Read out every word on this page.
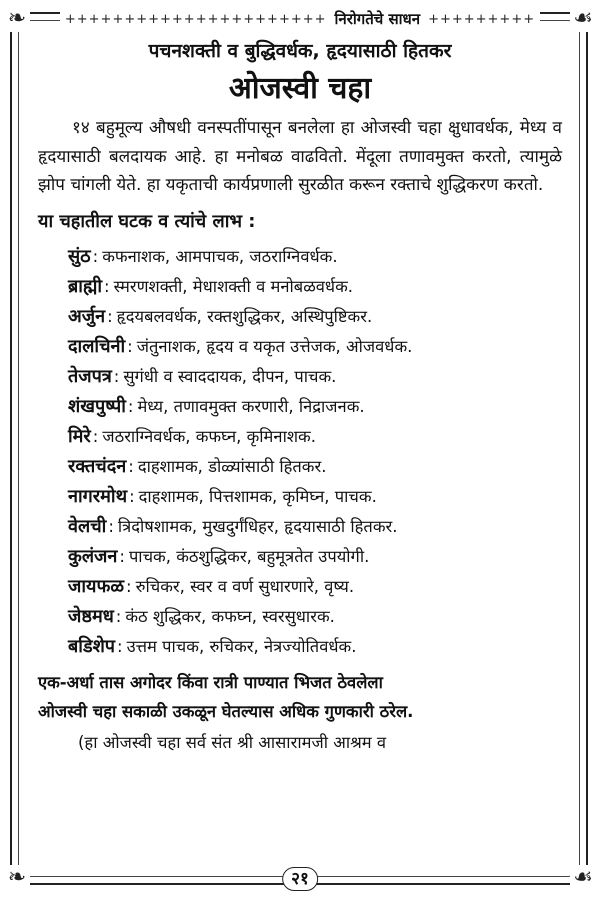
❧	☙
❧	☙
++++++++++++++++++++++ निरोगतेचे साधन +++++++++
पचनशक्ती व बुद्धिवर्धक, हृदयासाठी हितकर
ओजस्वी चहा

१४ बहुमूल्य औषधी वनस्पतींपासून बनलेला हा ओजस्वी चहा क्षुधावर्धक, मेध्य व हृदयासाठी बलदायक आहे. हा मनोबळ वाढवितो. मेंदूला तणावमुक्त करतो, त्यामुळे झोप चांगली येते. हा यकृताची कार्यप्रणाली सुरळीत करून रक्ताचे शुद्धिकरण करतो.

या चहातील घटक व त्यांचे लाभ :
सुंठ : कफनाशक, आमपाचक, जठराग्निवर्धक.
ब्राह्मी : स्मरणशक्ती, मेधाशक्ती व मनोबळवर्धक.
अर्जुन : हृदयबलवर्धक, रक्तशुद्धिकर, अस्थिपुष्टिकर.
दालचिनी : जंतुनाशक, हृदय व यकृत उत्तेजक, ओजवर्धक.
तेजपत्र : सुगंधी व स्वाददायक, दीपन, पाचक.
शंखपुष्पी : मेध्य, तणावमुक्त करणारी, निद्राजनक.
मिरे : जठराग्निवर्धक, कफघ्न, कृमिनाशक.
रक्तचंदन : दाहशामक, डोळ्यांसाठी हितकर.
नागरमोथ : दाहशामक, पित्तशामक, कृमिघ्न, पाचक.
वेलची : त्रिदोषशामक, मुखदुर्गंधिहर, हृदयासाठी हितकर.
कुलंजन : पाचक, कंठशुद्धिकर, बहुमूत्रतेत उपयोगी.
जायफळ : रुचिकर, स्वर व वर्ण सुधारणारे, वृष्य.
जेष्ठमध : कंठ शुद्धिकर, कफघ्न, स्वरसुधारक.
बडिशेप : उत्तम पाचक, रुचिकर, नेत्रज्योतिवर्धक.

एक-अर्धा तास अगोदर किंवा रात्री पाण्यात भिजत ठेवलेला
ओजस्वी चहा सकाळी उकळून घेतल्यास अधिक गुणकारी ठरेल.

(हा ओजस्वी चहा सर्व संत श्री आसारामजी आश्रम व

२१
